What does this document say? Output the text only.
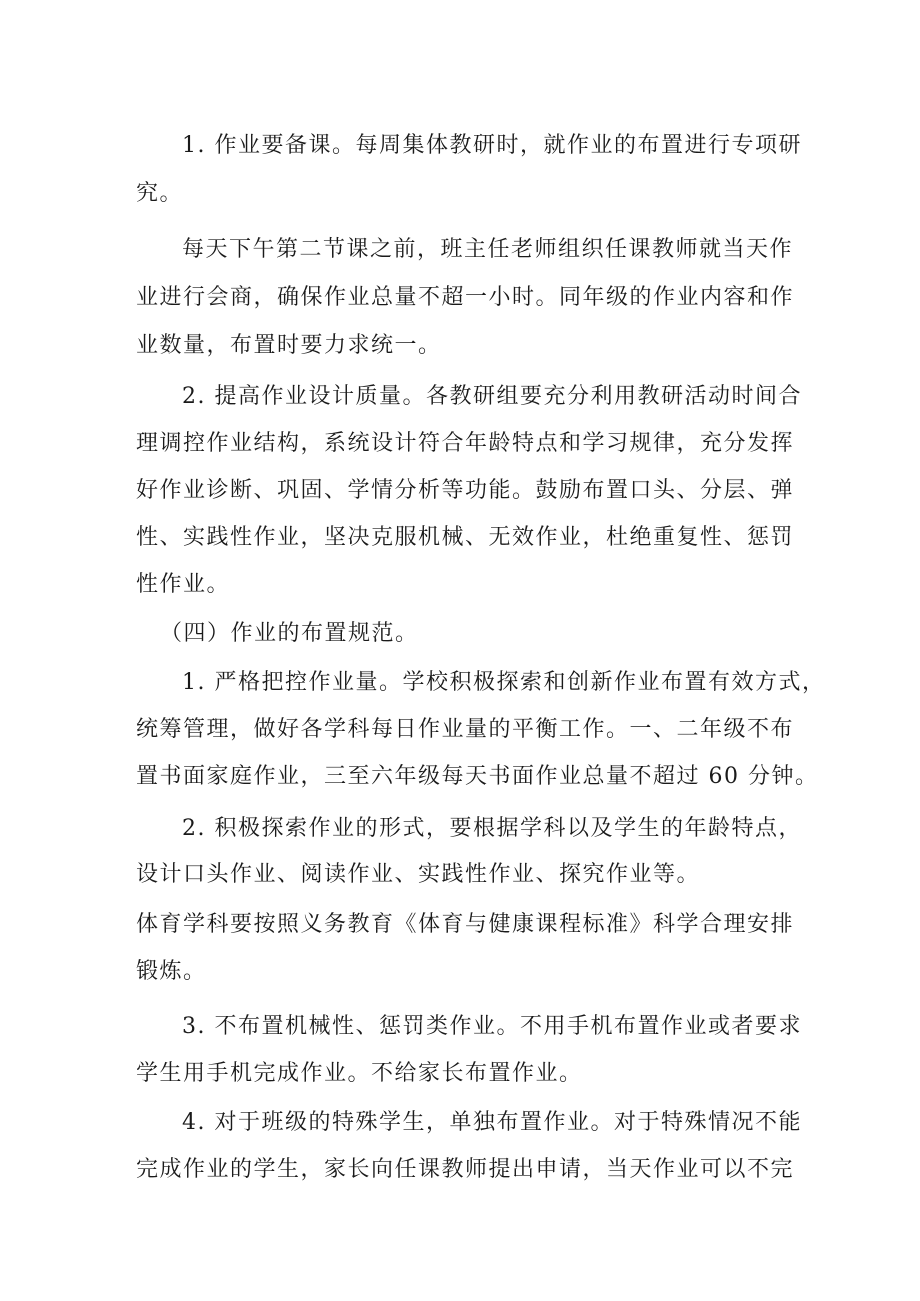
1. 作业要备课。每周集体教研时，就作业的布置进行专项研
究。
每天下午第二节课之前，班主任老师组织任课教师就当天作
业进行会商，确保作业总量不超一小时。同年级的作业内容和作
业数量，布置时要力求统一。
2. 提高作业设计质量。各教研组要充分利用教研活动时间合
理调控作业结构，系统设计符合年龄特点和学习规律，充分发挥
好作业诊断、巩固、学情分析等功能。鼓励布置口头、分层、弹
性、实践性作业，坚决克服机械、无效作业，杜绝重复性、惩罚
性作业。
（四）作业的布置规范。
1. 严格把控作业量。学校积极探索和创新作业布置有效方式，
统筹管理，做好各学科每日作业量的平衡工作。一、二年级不布
置书面家庭作业，三至六年级每天书面作业总量不超过 60 分钟。
2. 积极探索作业的形式，要根据学科以及学生的年龄特点，
设计口头作业、阅读作业、实践性作业、探究作业等。
体育学科要按照义务教育《体育与健康课程标准》科学合理安排
锻炼。
3. 不布置机械性、惩罚类作业。不用手机布置作业或者要求
学生用手机完成作业。不给家长布置作业。
4. 对于班级的特殊学生，单独布置作业。对于特殊情况不能
完成作业的学生，家长向任课教师提出申请，当天作业可以不完
